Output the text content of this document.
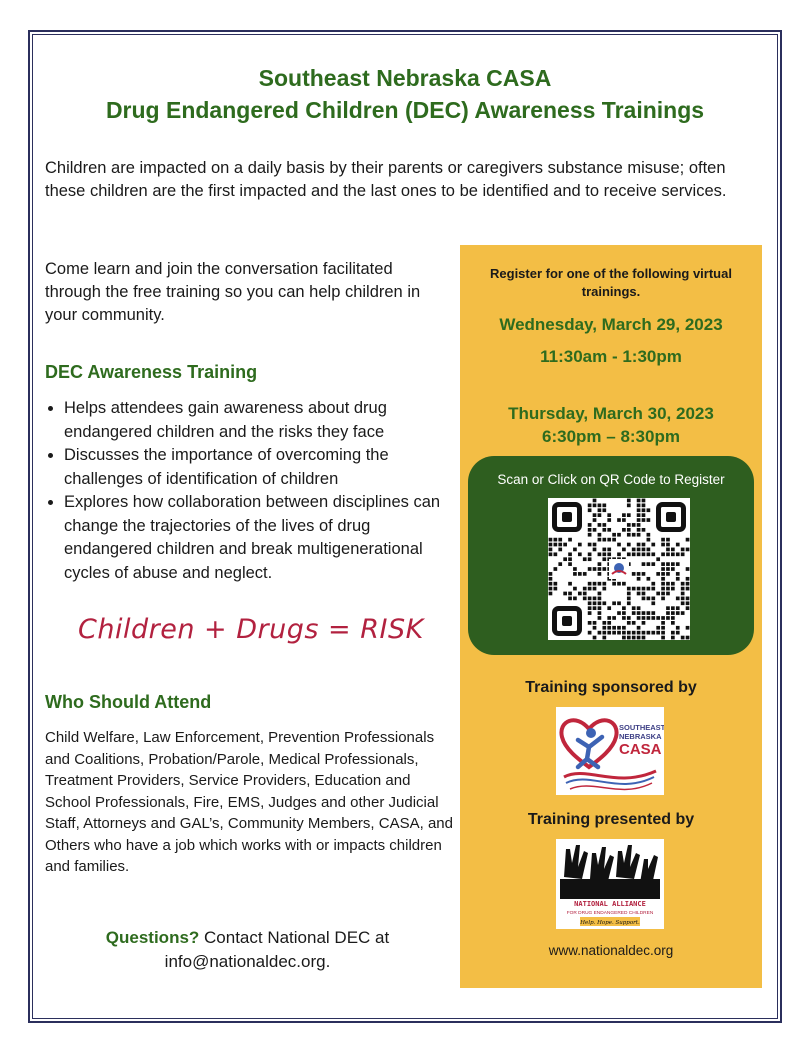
Southeast Nebraska CASA
Drug Endangered Children (DEC) Awareness Trainings
Children are impacted on a daily basis by their parents or caregivers substance misuse; often these children are the first impacted and the last ones to be identified and to receive services.
Come learn and join the conversation facilitated through the free training so you can help children in your community.
DEC Awareness Training
Helps attendees gain awareness about drug endangered children and the risks they face
Discusses the importance of overcoming the challenges of identification of children
Explores how collaboration between disciplines can change the trajectories of the lives of drug endangered children and break multigenerational cycles of abuse and neglect.
Children + Drugs = RISK
Who Should Attend
Child Welfare, Law Enforcement, Prevention Professionals and Coalitions, Probation/Parole, Medical Professionals, Treatment Providers, Service Providers, Education and School Professionals, Fire, EMS, Judges and other Judicial Staff, Attorneys and GAL’s, Community Members, CASA, and Others who have a job which works with or impacts children and families.
Questions? Contact National DEC at
info@nationaldec.org.
Register for one of the following virtual trainings.
Wednesday, March 29, 2023
11:30am - 1:30pm
Thursday, March 30, 2023
6:30pm – 8:30pm
Scan or Click on QR Code to Register
Training sponsored by
SOUTHEAST
NEBRASKA
CASA
Training presented by
NATIONAL ALLIANCE
FOR DRUG ENDANGERED CHILDREN
Help. Hope. Support.
www.nationaldec.org
